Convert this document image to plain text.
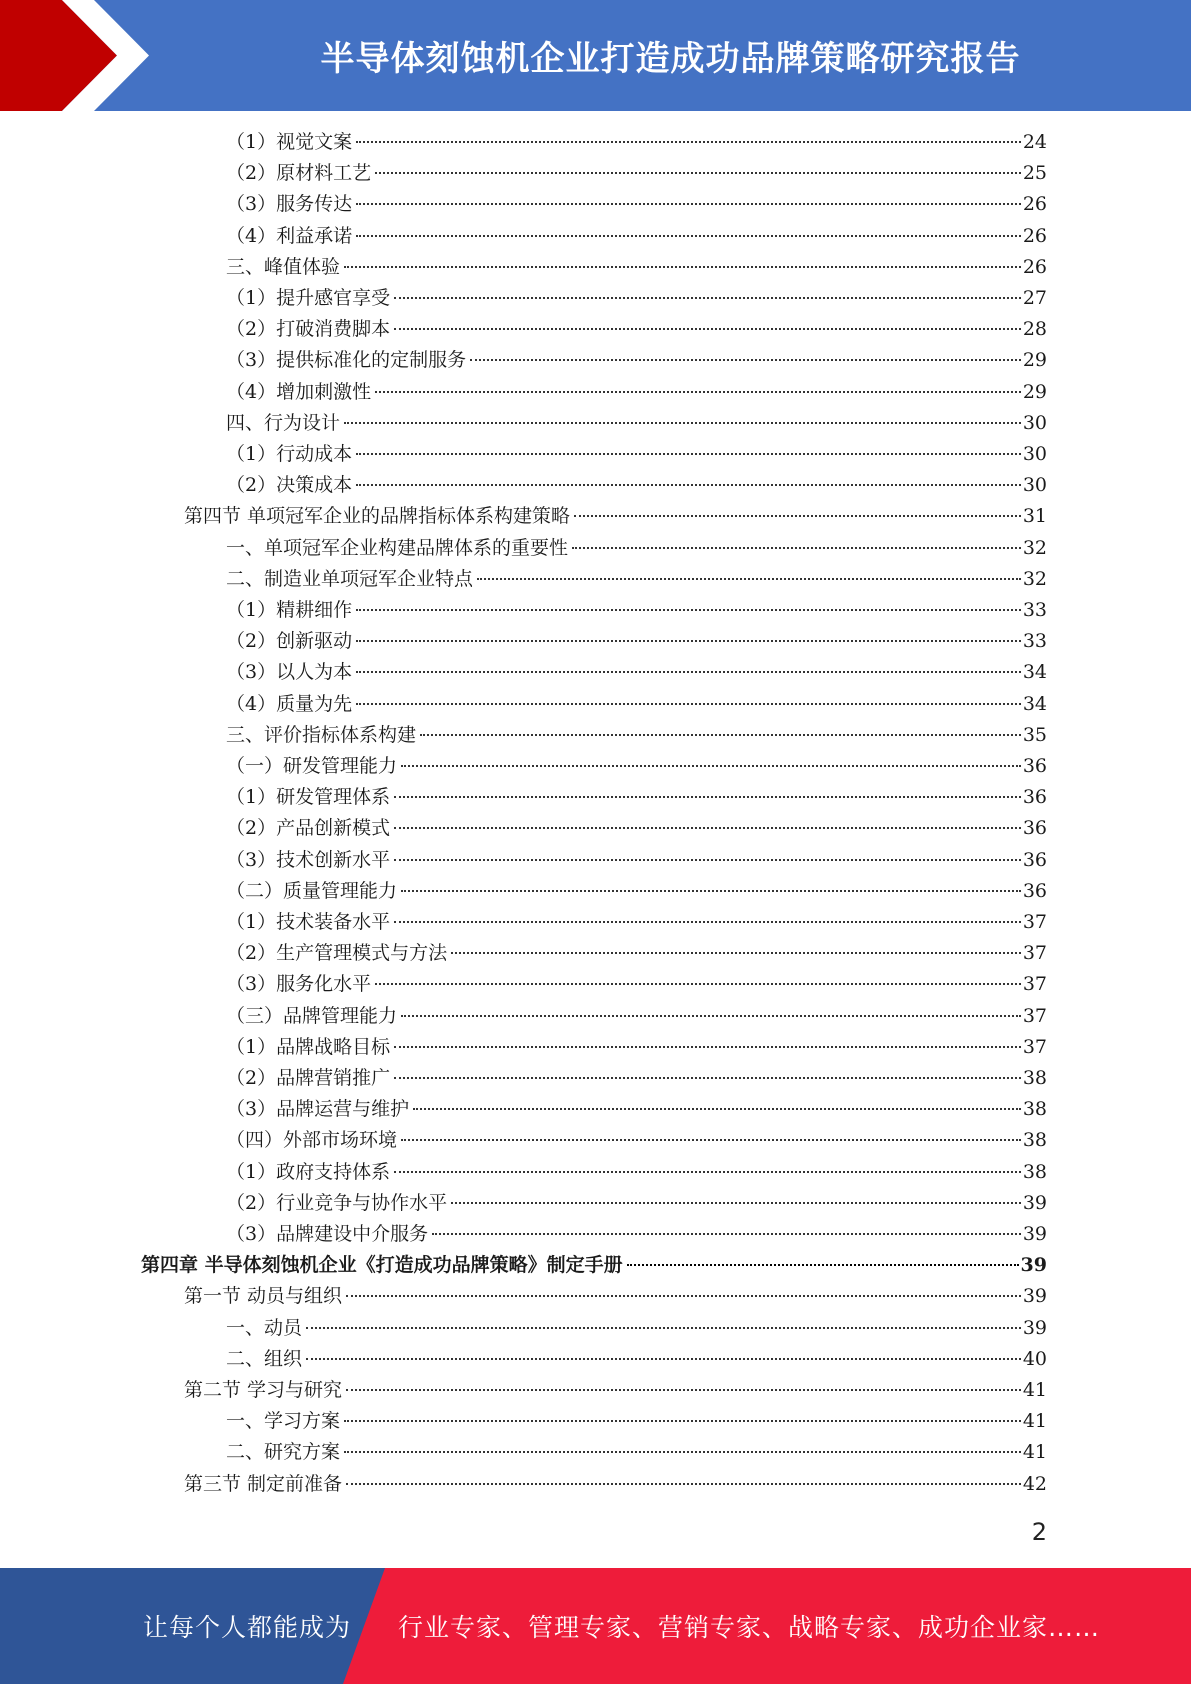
半导体刻蚀机企业打造成功品牌策略研究报告
（1）视觉文案	24
（2）原材料工艺	25
（3）服务传达	26
（4）利益承诺	26
三、峰值体验	26
（1）提升感官享受	27
（2）打破消费脚本	28
（3）提供标准化的定制服务	29
（4）增加刺激性	29
四、行为设计	30
（1）行动成本	30
（2）决策成本	30
第四节 单项冠军企业的品牌指标体系构建策略	31
一、单项冠军企业构建品牌体系的重要性	32
二、制造业单项冠军企业特点	32
（1）精耕细作	33
（2）创新驱动	33
（3）以人为本	34
（4）质量为先	34
三、评价指标体系构建	35
（一）研发管理能力	36
（1）研发管理体系	36
（2）产品创新模式	36
（3）技术创新水平	36
（二）质量管理能力	36
（1）技术装备水平	37
（2）生产管理模式与方法	37
（3）服务化水平	37
（三）品牌管理能力	37
（1）品牌战略目标	37
（2）品牌营销推广	38
（3）品牌运营与维护	38
（四）外部市场环境	38
（1）政府支持体系	38
（2）行业竞争与协作水平	39
（3）品牌建设中介服务	39
第四章 半导体刻蚀机企业《打造成功品牌策略》制定手册	39
第一节 动员与组织	39
一、动员	39
二、组织	40
第二节 学习与研究	41
一、学习方案	41
二、研究方案	41
第三节 制定前准备	42
2
让每个人都能成为 行业专家、管理专家、营销专家、战略专家、成功企业家……
